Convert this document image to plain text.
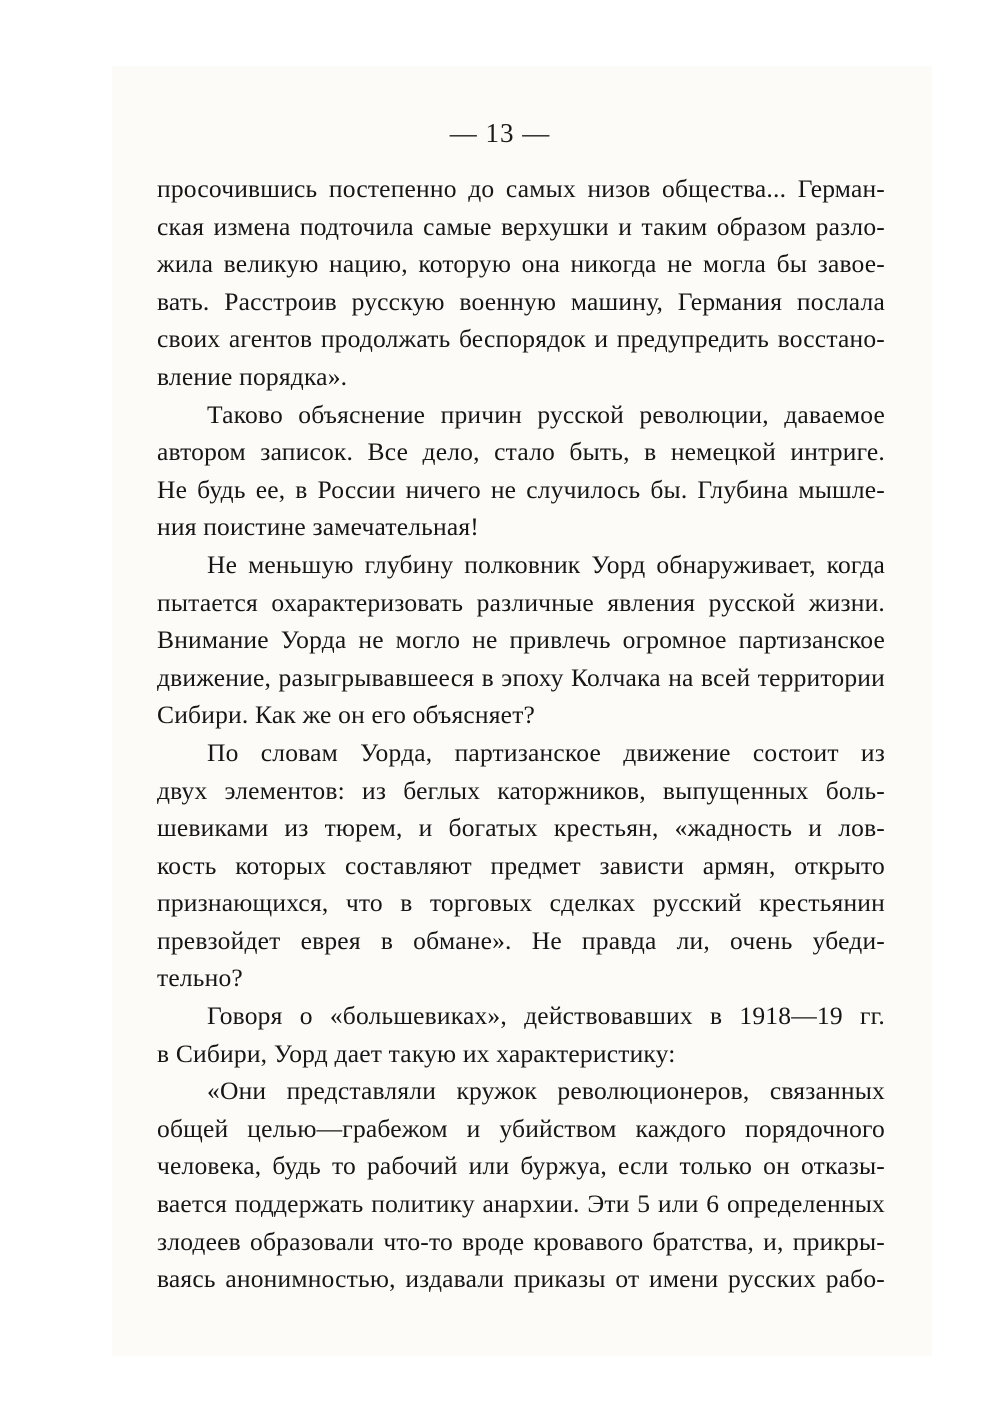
— 13 —
просочившись постепенно до самых низов общества... Герман-
ская измена подточила самые верхушки и таким образом разло-
жила великую нацию, которую она никогда не могла бы завое-
вать. Расстроив русскую военную машину, Германия послала
своих агентов продолжать беспорядок и предупредить восстано-
вление порядка».
Таково объяснение причин русской революции, даваемое
автором записок. Все дело, стало быть, в немецкой интриге.
Не будь ее, в России ничего не случилось бы. Глубина мышле-
ния поистине замечательная!
Не меньшую глубину полковник Уорд обнаруживает, когда
пытается охарактеризовать различные явления русской жизни.
Внимание Уорда не могло не привлечь огромное партизанское
движение, разыгрывавшееся в эпоху Колчака на всей территории
Сибири. Как же он его объясняет?
По словам Уорда, партизанское движение состоит из
двух элементов: из беглых каторжников, выпущенных боль-
шевиками из тюрем, и богатых крестьян, «жадность и лов-
кость которых составляют предмет зависти армян, открыто
признающихся, что в торговых сделках русский крестьянин
превзойдет еврея в обмане». Не правда ли, очень убеди-
тельно?
Говоря о «большевиках», действовавших в 1918—19 гг.
в Сибири, Уорд дает такую их характеристику:
«Они представляли кружок революционеров, связанных
общей целью—грабежом и убийством каждого порядочного
человека, будь то рабочий или буржуа, если только он отказы-
вается поддержать политику анархии. Эти 5 или 6 определенных
злодеев образовали что-то вроде кровавого братства, и, прикры-
ваясь анонимностью, издавали приказы от имени русских рабо-
